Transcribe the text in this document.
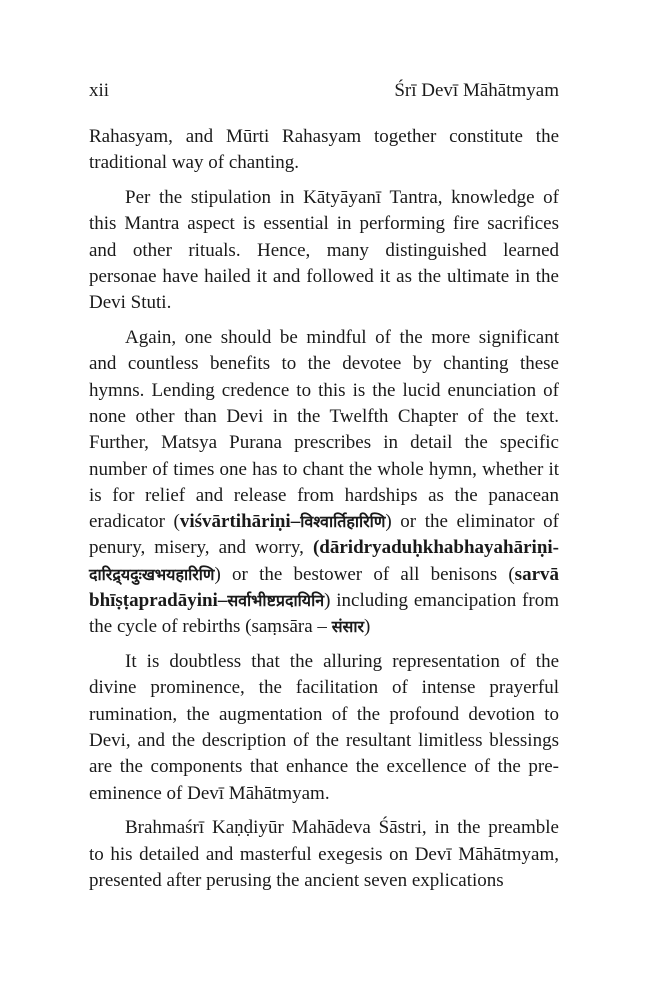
xii	Śrī Devī Māhātmyam

Rahasyam, and Mūrti Rahasyam together constitute the traditional way of chanting.

Per the stipulation in Kātyāyanī Tantra, knowledge of this Mantra aspect is essential in performing fire sacrifices and other rituals. Hence, many distinguished learned personae have hailed it and followed it as the ultimate in the Devi Stuti.

Again, one should be mindful of the more significant and countless benefits to the devotee by chanting these hymns. Lending credence to this is the lucid enunciation of none other than Devi in the Twelfth Chapter of the text. Further, Matsya Purana prescribes in detail the specific number of times one has to chant the whole hymn, whether it is for relief and release from hardships as the panacean eradicator (viśvārtihāriṇi–विश्वार्तिहारिणि) or the eliminator of penury, misery, and worry, (dāridryaduḥkhabhayahāriṇi-दारिद्र्यदुःखभयहारिणि) or the bestower of all benisons (sarvā bhīṣṭapradāyini–सर्वाभीष्टप्रदायिनि) including emancipation from the cycle of rebirths (saṃsāra – संसार)

It is doubtless that the alluring representation of the divine prominence, the facilitation of intense prayerful rumination, the augmentation of the profound devotion to Devi, and the description of the resultant limitless blessings are the components that enhance the excellence of the pre-eminence of Devī Māhātmyam.

Brahmaśrī Kaṇḍiyūr Mahādeva Śāstri, in the preamble to his detailed and masterful exegesis on Devī Māhātmyam, presented after perusing the ancient seven explications
